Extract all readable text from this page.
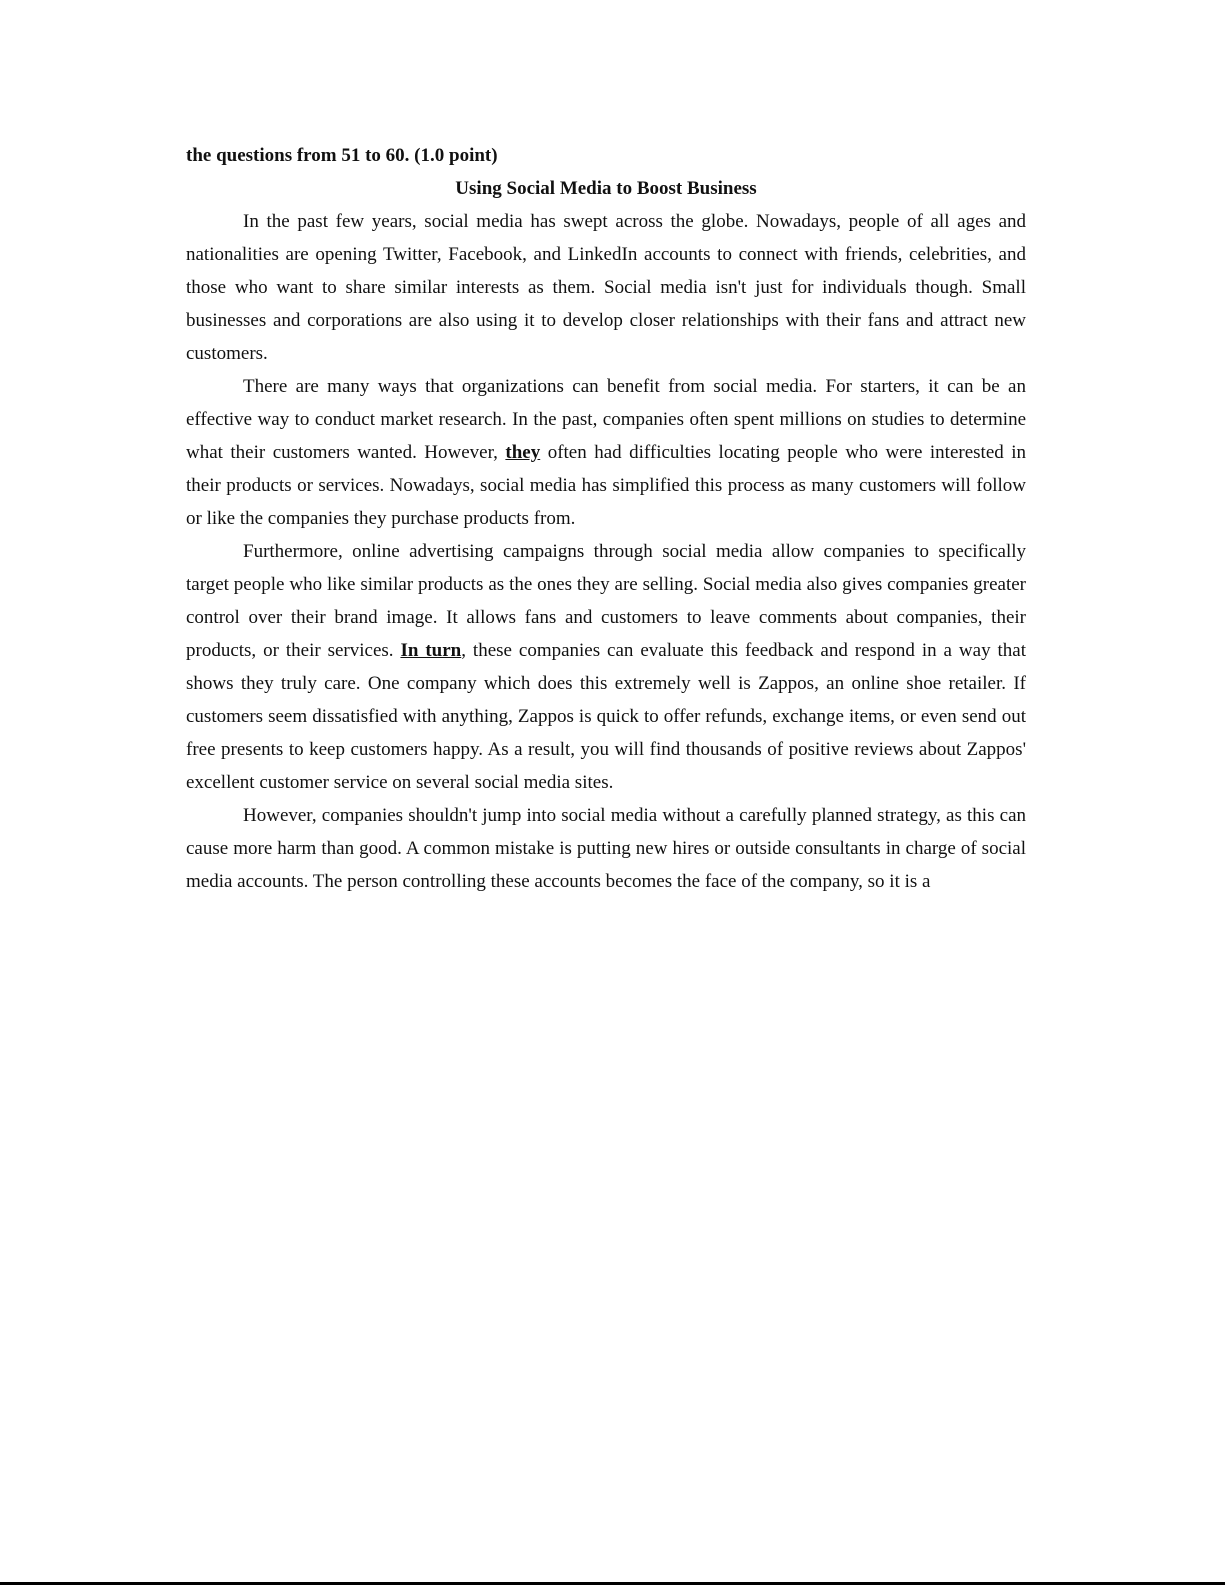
the questions from 51 to 60. (1.0 point)

Using Social Media to Boost Business

In the past few years, social media has swept across the globe. Nowadays, people of all ages and nationalities are opening Twitter, Facebook, and LinkedIn accounts to connect with friends, celebrities, and those who want to share similar interests as them. Social media isn't just for individuals though. Small businesses and corporations are also using it to develop closer relationships with their fans and attract new customers.

There are many ways that organizations can benefit from social media. For starters, it can be an effective way to conduct market research. In the past, companies often spent millions on studies to determine what their customers wanted. However, they often had difficulties locating people who were interested in their products or services. Nowadays, social media has simplified this process as many customers will follow or like the companies they purchase products from.

Furthermore, online advertising campaigns through social media allow companies to specifically target people who like similar products as the ones they are selling. Social media also gives companies greater control over their brand image. It allows fans and customers to leave comments about companies, their products, or their services. In turn, these companies can evaluate this feedback and respond in a way that shows they truly care. One company which does this extremely well is Zappos, an online shoe retailer. If customers seem dissatisfied with anything, Zappos is quick to offer refunds, exchange items, or even send out free presents to keep customers happy. As a result, you will find thousands of positive reviews about Zappos' excellent customer service on several social media sites.

However, companies shouldn't jump into social media without a carefully planned strategy, as this can cause more harm than good. A common mistake is putting new hires or outside consultants in charge of social media accounts. The person controlling these accounts becomes the face of the company, so it is a
